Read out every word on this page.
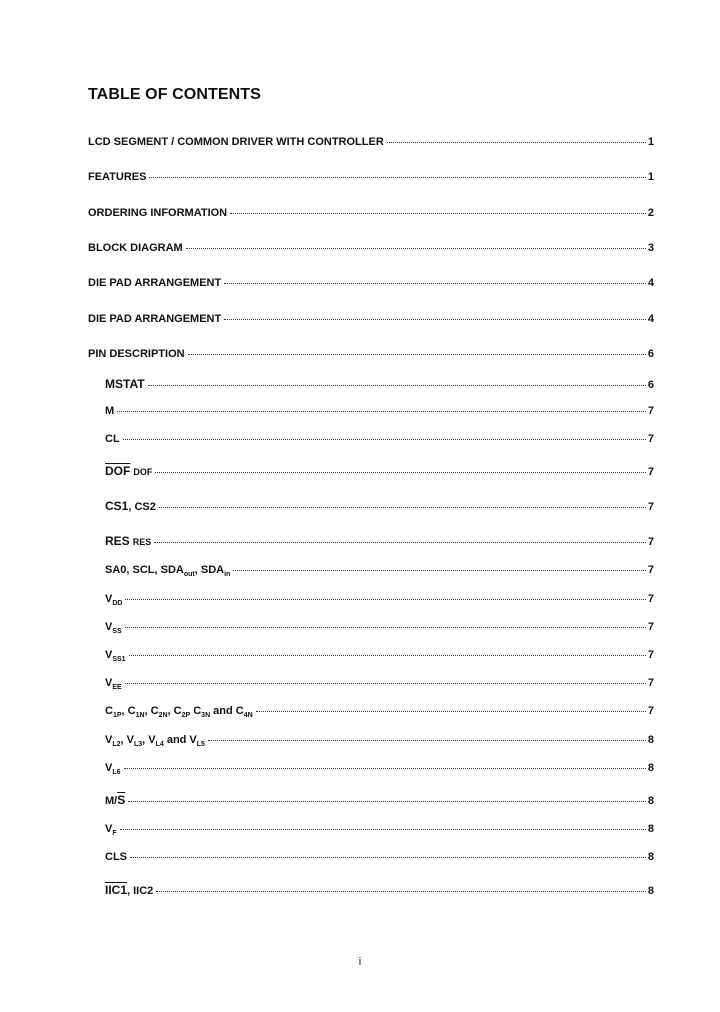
TABLE OF CONTENTS
LCD SEGMENT / COMMON DRIVER WITH CONTROLLER	1
FEATURES	1
ORDERING INFORMATION	2
BLOCK DIAGRAM	3
DIE PAD ARRANGEMENT	4
DIE PAD ARRANGEMENT	4
PIN DESCRIPTION	6
MSTAT	6
M	7
CL	7
$\overline{DOF}$ DOF	7
CS1, CS2	7
RES RES	7
SA0, SCL, $SDA_{out}$, $SDA_{in}$	7
$V_{DD}$	7
$V_{SS}$	7
$V_{SS1}$	7
$V_{EE}$	7
$C_{1P}$, $C_{1N}$, $C_{2N}$, $C_{2P}$ $C_{3N}$ and $C_{4N}$	7
$V_{L2}$, $V_{L3}$, $V_{L4}$ and $V_{L5}$	8
$V_{L6}$	8
$M/\overline{S}$	8
$V_F$	8
CLS	8
IIC1, IIC2	8
i
